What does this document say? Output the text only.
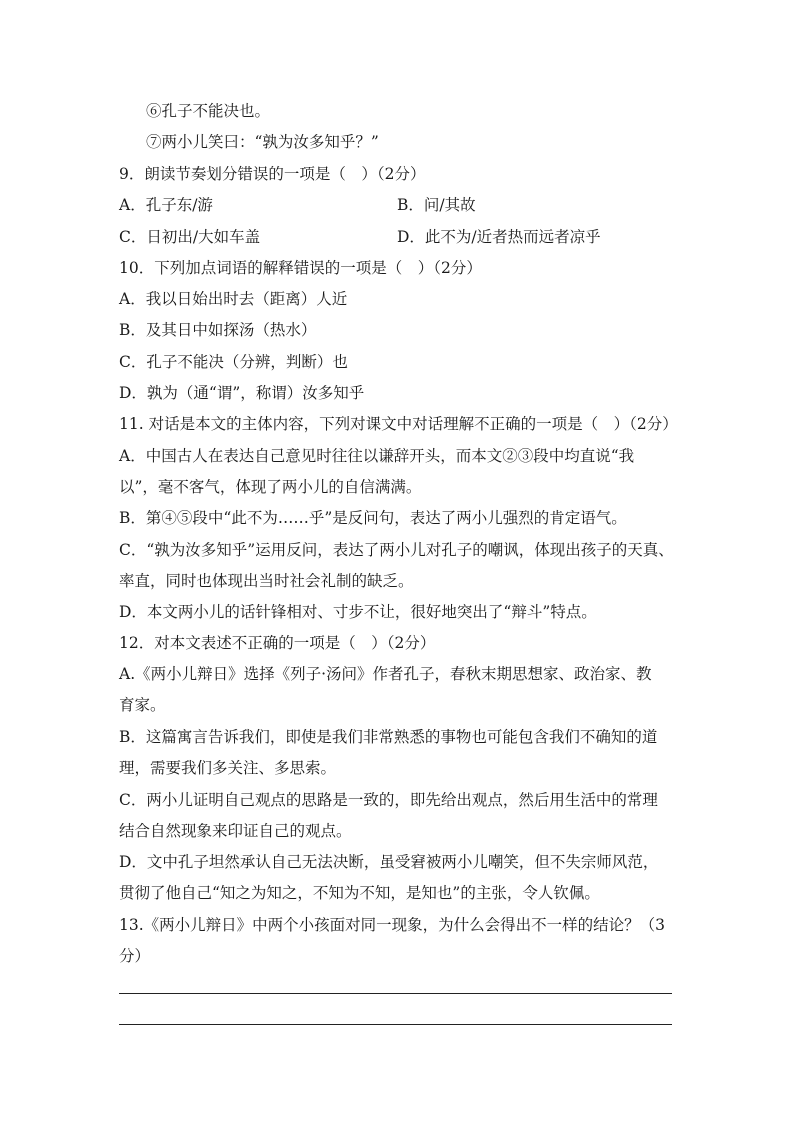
⑥孔子不能决也。
⑦两小儿笑曰：“孰为汝多知乎？”
9．朗读节奏划分错误的一项是（　）（2分）
A．孔子东/游	B．问/其故
C．日初出/大如车盖	D．此不为/近者热而远者凉乎
10．下列加点词语的解释错误的一项是（　）（2分）
A．我以日始出时去（距离）人近
B．及其日中如探汤（热水）
C．孔子不能决（分辨，判断）也
D．孰为（通“谓”，称谓）汝多知乎
11. 对话是本文的主体内容，下列对课文中对话理解不正确的一项是（　）（2分）
A．中国古人在表达自己意见时往往以谦辞开头，而本文②③段中均直说“我
以”，毫不客气，体现了两小儿的自信满满。
B．第④⑤段中“此不为……乎”是反问句，表达了两小儿强烈的肯定语气。
C．“孰为汝多知乎”运用反问，表达了两小儿对孔子的嘲讽，体现出孩子的天真、
率直，同时也体现出当时社会礼制的缺乏。
D．本文两小儿的话针锋相对、寸步不让，很好地突出了“辩斗”特点。
12．对本文表述不正确的一项是（　）（2分）
A.《两小儿辩日》选择《列子·汤问》作者孔子，春秋末期思想家、政治家、教
育家。
B．这篇寓言告诉我们，即使是我们非常熟悉的事物也可能包含我们不确知的道
理，需要我们多关注、多思索。
C．两小儿证明自己观点的思路是一致的，即先给出观点，然后用生活中的常理
结合自然现象来印证自己的观点。
D．文中孔子坦然承认自己无法决断，虽受窘被两小儿嘲笑，但不失宗师风范，
贯彻了他自己“知之为知之，不知为不知，是知也”的主张，令人钦佩。
13.《两小儿辩日》中两个小孩面对同一现象，为什么会得出不一样的结论？（3
分）
